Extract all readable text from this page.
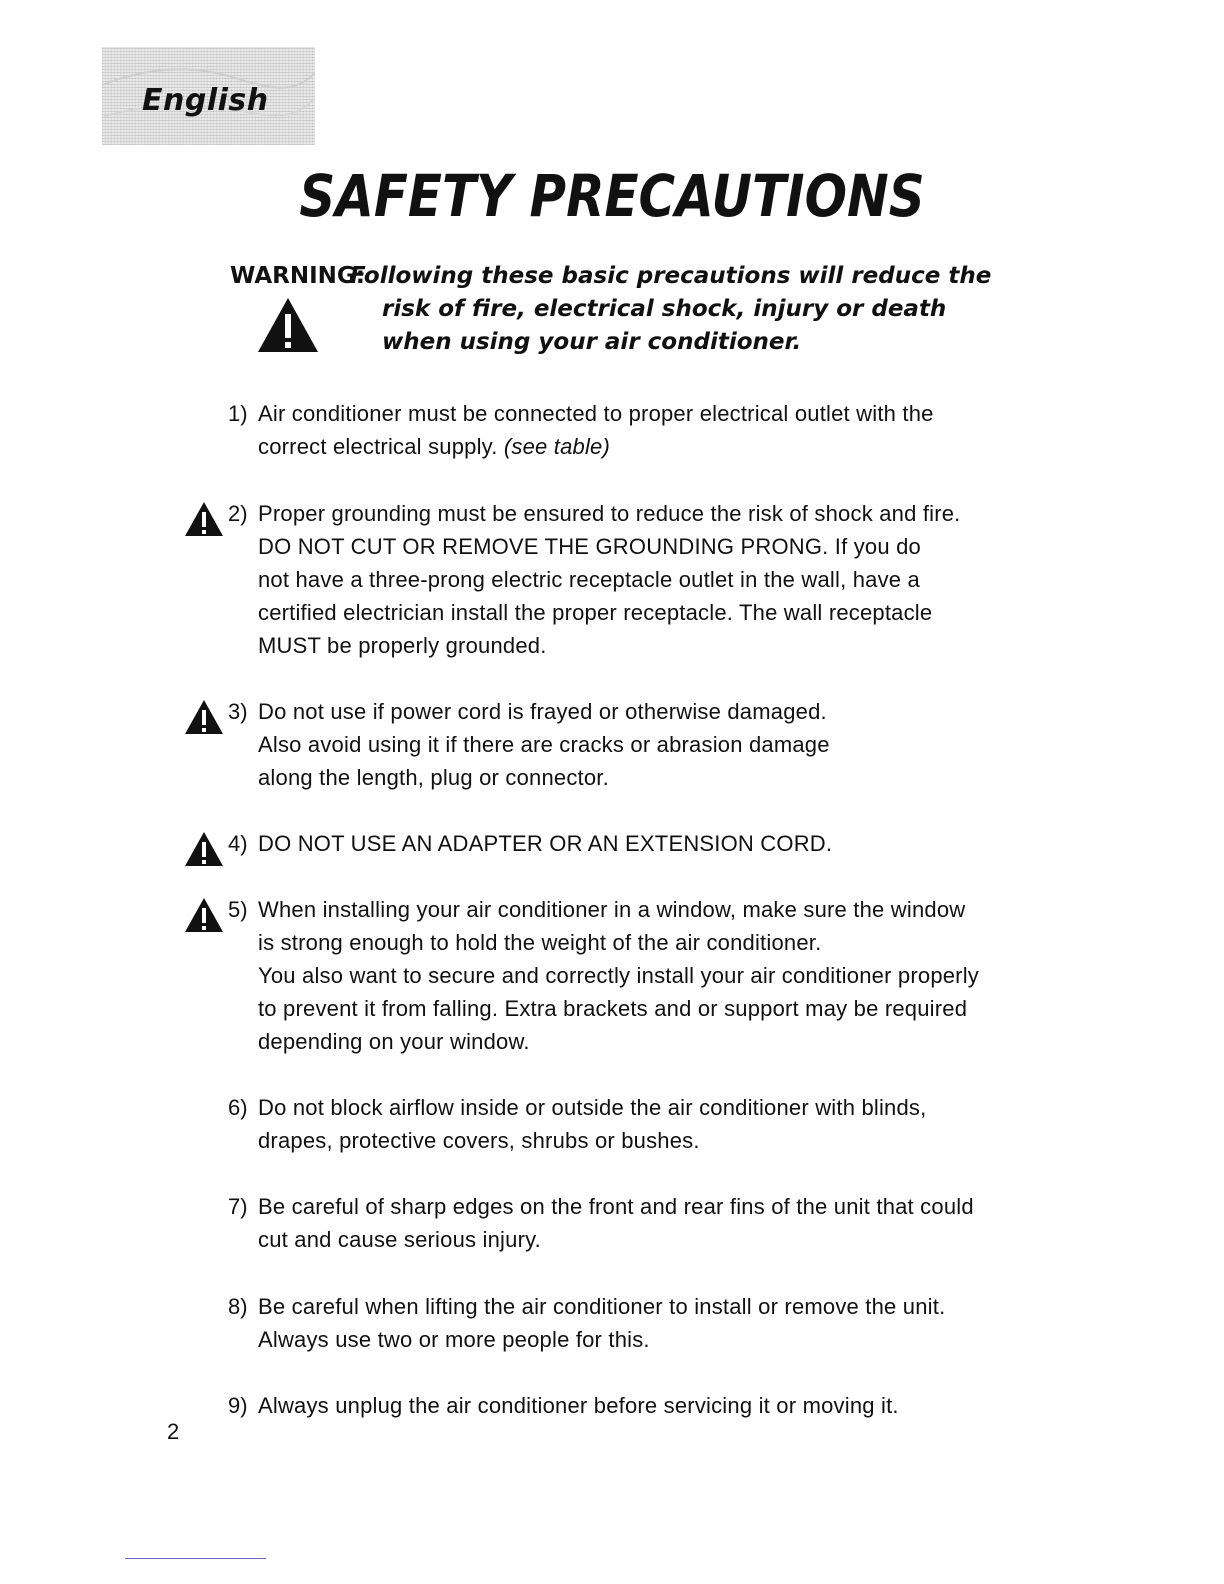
English
SAFETY PRECAUTIONS
WARNING:
Following these basic precautions will reduce the
risk of fire, electrical shock, injury or death
when using your air conditioner.
1) Air conditioner must be connected to proper electrical outlet with the
correct electrical supply. (see table)
2) Proper grounding must be ensured to reduce the risk of shock and fire.
DO NOT CUT OR REMOVE THE GROUNDING PRONG. If you do
not have a three-prong electric receptacle outlet in the wall, have a
certified electrician install the proper receptacle. The wall receptacle
MUST be properly grounded.
3) Do not use if power cord is frayed or otherwise damaged.
Also avoid using it if there are cracks or abrasion damage
along the length, plug or connector.
4) DO NOT USE AN ADAPTER OR AN EXTENSION CORD.
5) When installing your air conditioner in a window, make sure the window
is strong enough to hold the weight of the air conditioner.
You also want to secure and correctly install your air conditioner properly
to prevent it from falling. Extra brackets and or support may be required
depending on your window.
6) Do not block airflow inside or outside the air conditioner with blinds,
drapes, protective covers, shrubs or bushes.
7) Be careful of sharp edges on the front and rear fins of the unit that could
cut and cause serious injury.
8) Be careful when lifting the air conditioner to install or remove the unit.
Always use two or more people for this.
9) Always unplug the air conditioner before servicing it or moving it.
2
